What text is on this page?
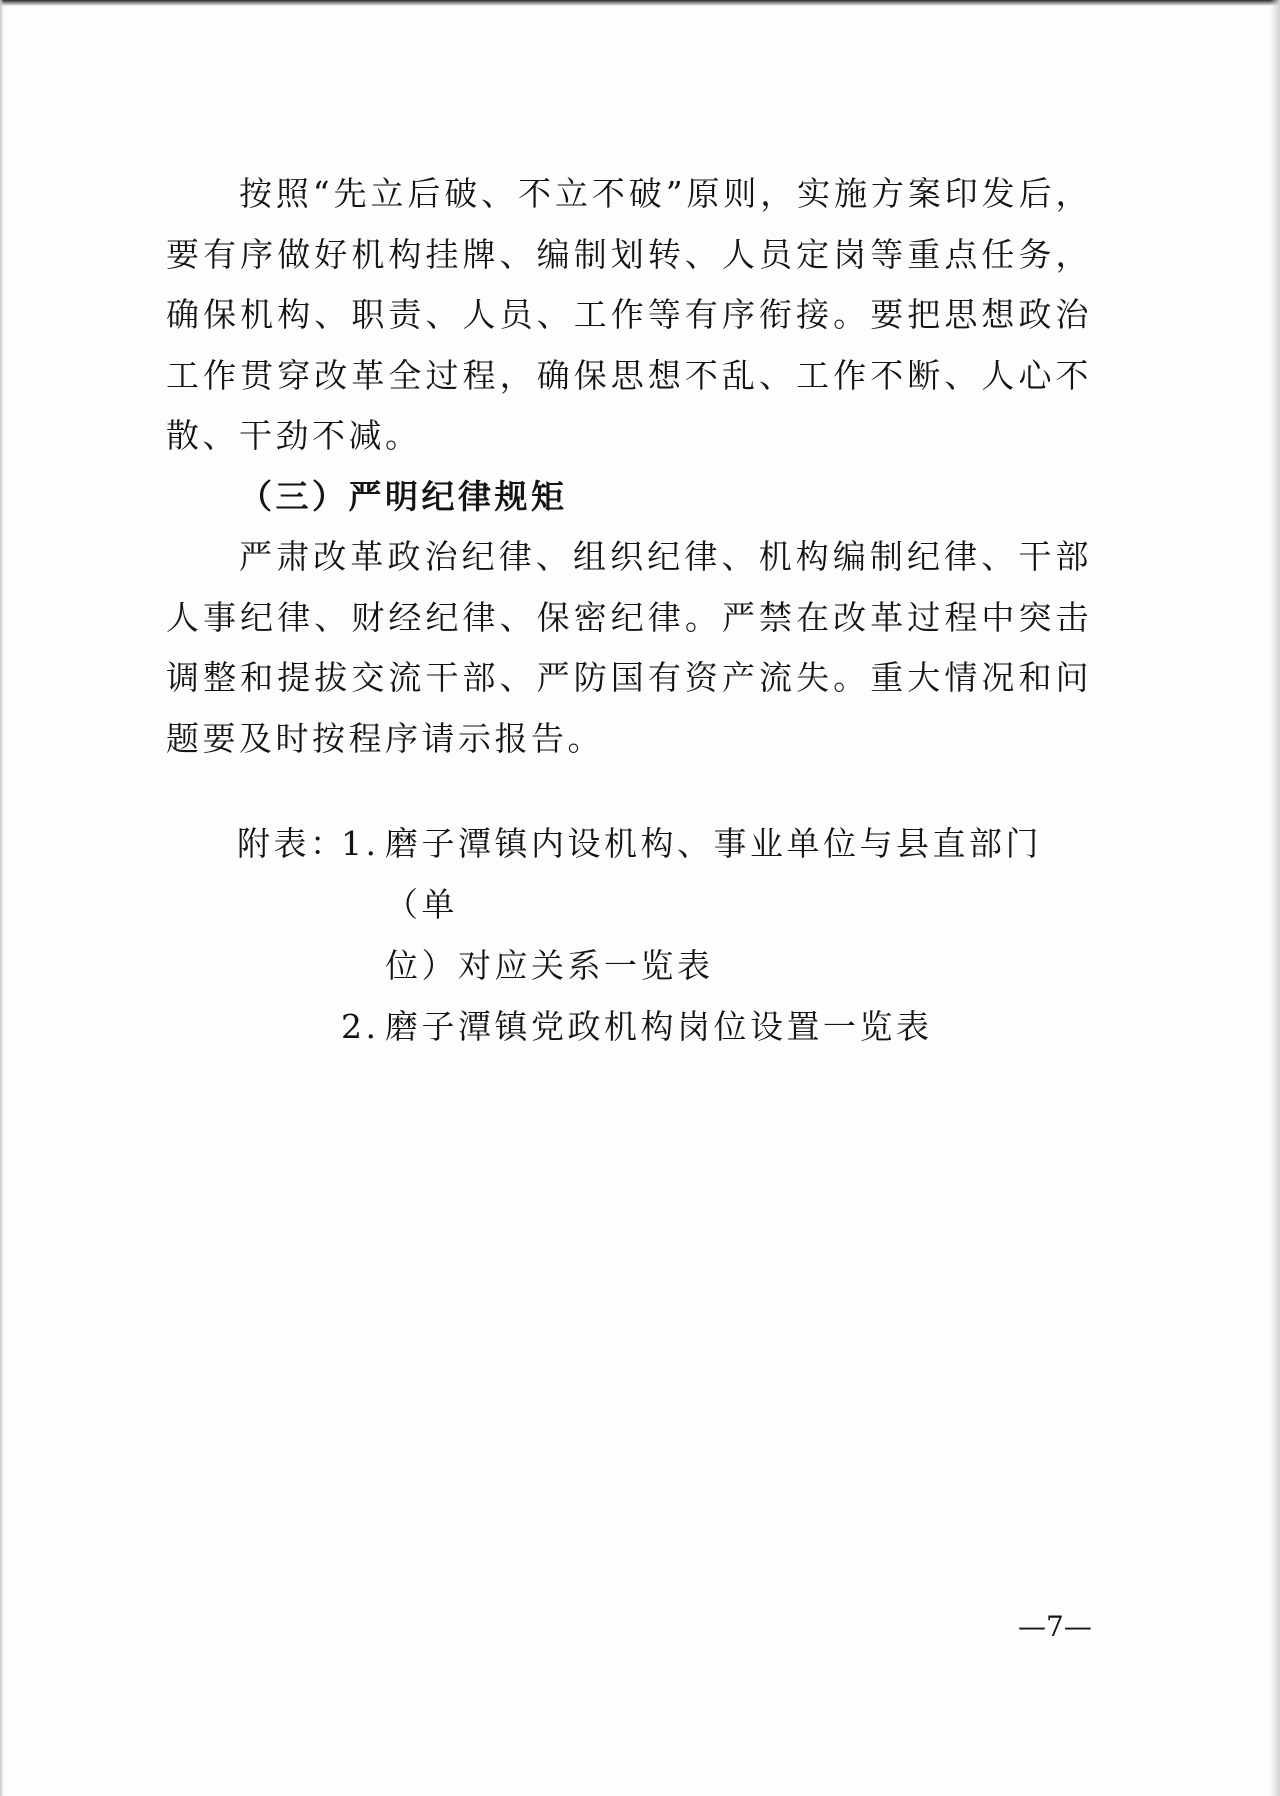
按照“先立后破、不立不破”原则，实施方案印发后，要有序做好机构挂牌、编制划转、人员定岗等重点任务，确保机构、职责、人员、工作等有序衔接。要把思想政治工作贯穿改革全过程，确保思想不乱、工作不断、人心不散、干劲不减。

（三）严明纪律规矩

严肃改革政治纪律、组织纪律、机构编制纪律、干部人事纪律、财经纪律、保密纪律。严禁在改革过程中突击调整和提拔交流干部、严防国有资产流失。重大情况和问题要及时按程序请示报告。

附表：
1. 磨子潭镇内设机构、事业单位与县直部门（单
位）对应关系一览表
2. 磨子潭镇党政机构岗位设置一览表
—7—
